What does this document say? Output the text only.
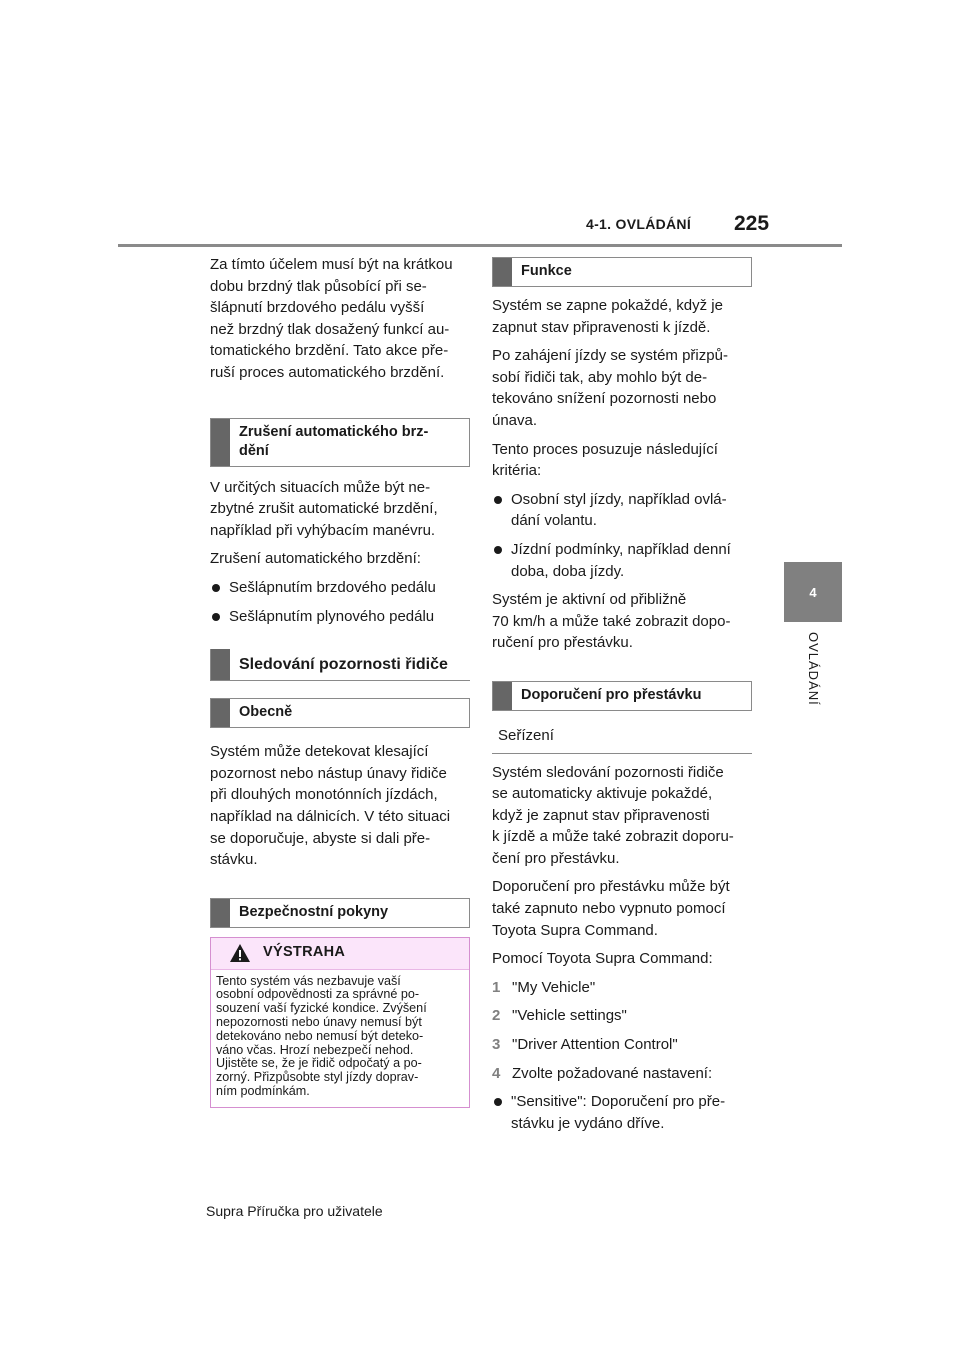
4-1. OVLÁDÁNÍ 225
4
OVLÁDÁNÍ

Za tímto účelem musí být na krátkou
dobu brzdný tlak působící při se-
šlápnutí brzdového pedálu vyšší
než brzdný tlak dosažený funkcí au-
tomatického brzdění. Tato akce pře-
ruší proces automatického brzdění.

Zrušení automatického brz-
dění

V určitých situacích může být ne-
zbytné zrušit automatické brzdění,
například při vyhýbacím manévru.

Zrušení automatického brzdění:

Sešlápnutím brzdového pedálu
Sešlápnutím plynového pedálu
Sledování pozornosti řidiče
Obecně

Systém může detekovat klesající
pozornost nebo nástup únavy řidiče
při dlouhých monotónních jízdách,
například na dálnicích. V této situaci
se doporučuje, abyste si dali pře-
stávku.

Bezpečnostní pokyny
VÝSTRAHA
Tento systém vás nezbavuje vaší
osobní odpovědnosti za správné po-
souzení vaší fyzické kondice. Zvýšení
nepozornosti nebo únavy nemusí být
detekováno nebo nemusí být deteko-
váno včas. Hrozí nebezpečí nehod.
Ujistěte se, že je řidič odpočatý a po-
zorný. Přizpůsobte styl jízdy doprav-
ním podmínkám.
Funkce

Systém se zapne pokaždé, když je
zapnut stav připravenosti k jízdě.

Po zahájení jízdy se systém přizpů-
sobí řidiči tak, aby mohlo být de-
tekováno snížení pozornosti nebo
únava.

Tento proces posuzuje následující
kritéria:

Osobní styl jízdy, například ovlá-
dání volantu.
Jízdní podmínky, například denní
doba, doba jízdy.

Systém je aktivní od přibližně
70 km/h a může také zobrazit dopo-
ručení pro přestávku.

Doporučení pro přestávku
Seřízení

Systém sledování pozornosti řidiče
se automaticky aktivuje pokaždé,
když je zapnut stav připravenosti
k jízdě a může také zobrazit doporu-
čení pro přestávku.

Doporučení pro přestávku může být
také zapnuto nebo vypnuto pomocí
Toyota Supra Command.

Pomocí Toyota Supra Command:

1 "My Vehicle"
2 "Vehicle settings"
3 "Driver Attention Control"
4 Zvolte požadované nastavení:
"Sensitive": Doporučení pro pře-
stávku je vydáno dříve.
Supra Příručka pro uživatele
